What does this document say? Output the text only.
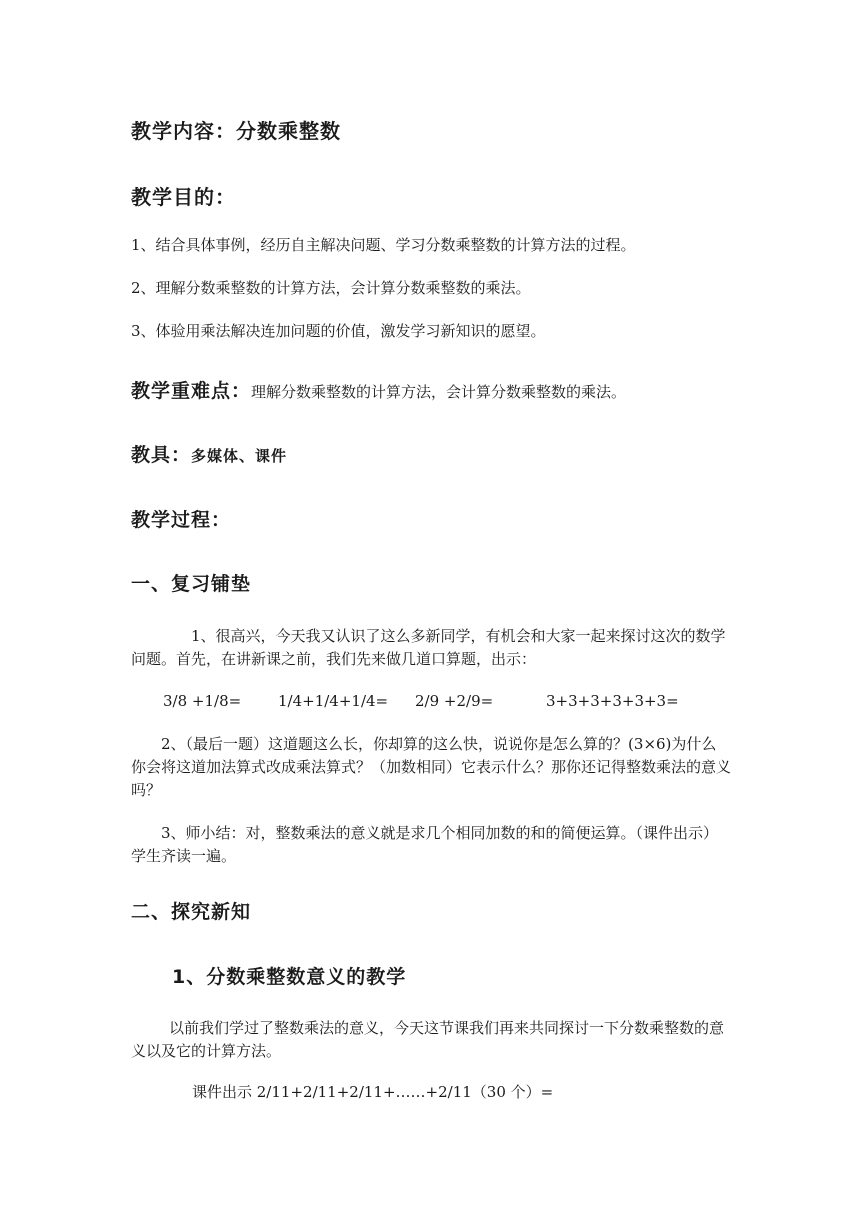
教学内容：分数乘整数
教学目的：
1、结合具体事例，经历自主解决问题、学习分数乘整数的计算方法的过程。
2、理解分数乘整数的计算方法，会计算分数乘整数的乘法。
3、体验用乘法解决连加问题的价值，激发学习新知识的愿望。
教学重难点：理解分数乘整数的计算方法，会计算分数乘整数的乘法。
教具：多媒体、课件
教学过程：
一、复习铺垫
1、很高兴，今天我又认识了这么多新同学，有机会和大家一起来探讨这次的数学问题。首先，在讲新课之前，我们先来做几道口算题，出示：
3/8 +1/8= 1/4+1/4+1/4= 2/9 +2/9=	3+3+3+3+3+3=
2、（最后一题）这道题这么长，你却算的这么快，说说你是怎么算的？(3×6)为什么你会将这道加法算式改成乘法算式？（加数相同）它表示什么？那你还记得整数乘法的意义吗？
3、师小结：对，整数乘法的意义就是求几个相同加数的和的简便运算。（课件出示）学生齐读一遍。
二、探究新知
1、分数乘整数意义的教学
以前我们学过了整数乘法的意义，今天这节课我们再来共同探讨一下分数乘整数的意义以及它的计算方法。
课件出示 2/11+2/11+2/11+……+2/11（30 个）=
